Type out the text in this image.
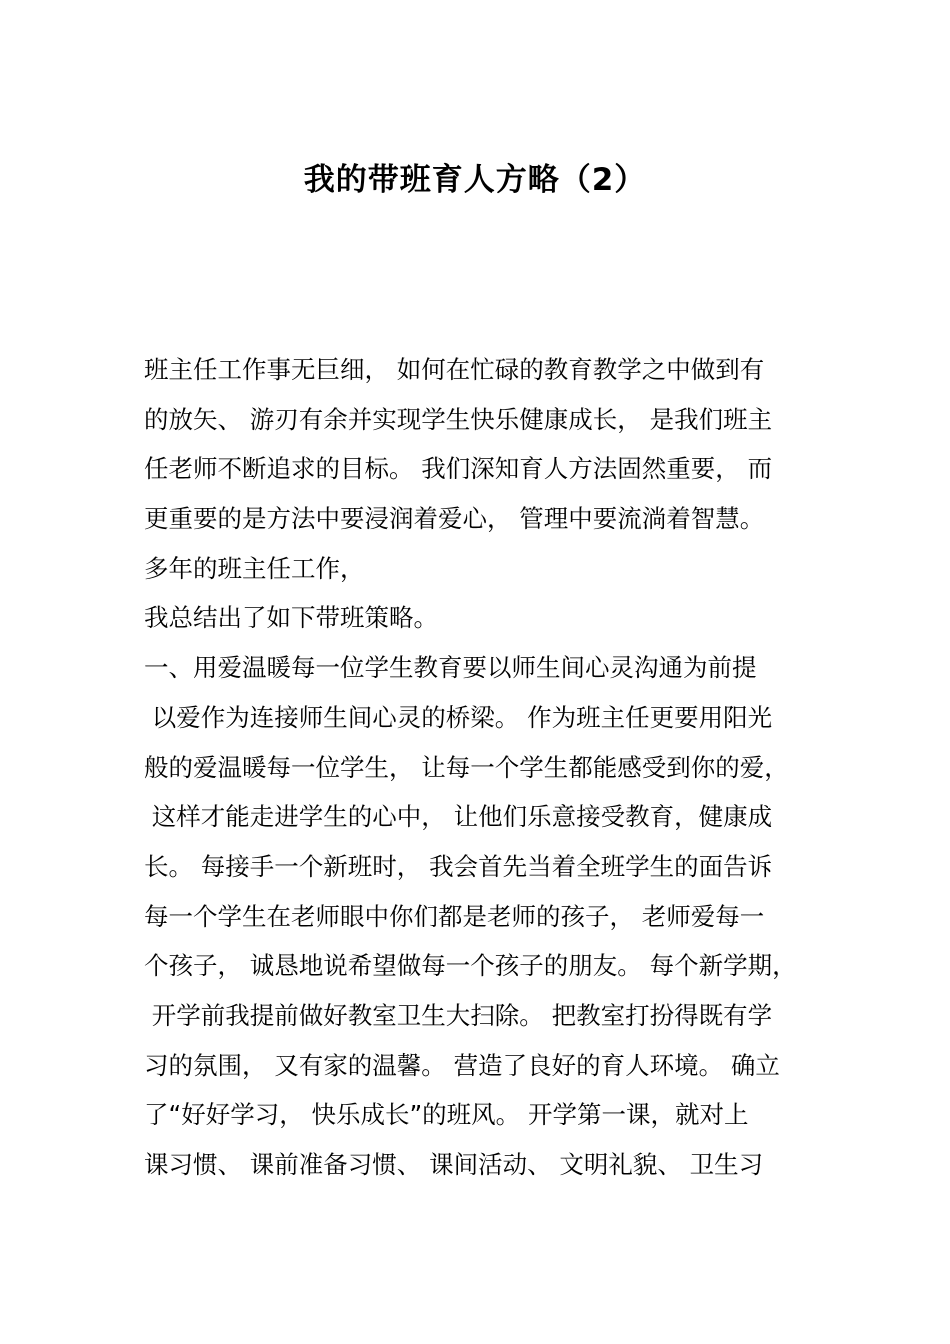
我的带班育人方略（2）
班主任工作事无巨细， 如何在忙碌的教育教学之中做到有
的放矢、 游刃有余并实现学生快乐健康成长， 是我们班主
任老师不断追求的目标。 我们深知育人方法固然重要， 而
更重要的是方法中要浸润着爱心， 管理中要流淌着智慧。
多年的班主任工作，
我总结出了如下带班策略。
一、用爱温暖每一位学生教育要以师生间心灵沟通为前提
以爱作为连接师生间心灵的桥梁。 作为班主任更要用阳光
般的爱温暖每一位学生， 让每一个学生都能感受到你的爱，
这样才能走进学生的心中， 让他们乐意接受教育，健康成
长。 每接手一个新班时， 我会首先当着全班学生的面告诉
每一个学生在老师眼中你们都是老师的孩子， 老师爱每一
个孩子， 诚恳地说希望做每一个孩子的朋友。 每个新学期，
开学前我提前做好教室卫生大扫除。 把教室打扮得既有学
习的氛围， 又有家的温馨。 营造了良好的育人环境。 确立
了“好好学习， 快乐成长”的班风。 开学第一课，就对上
课习惯、 课前准备习惯、 课间活动、 文明礼貌、 卫生习
